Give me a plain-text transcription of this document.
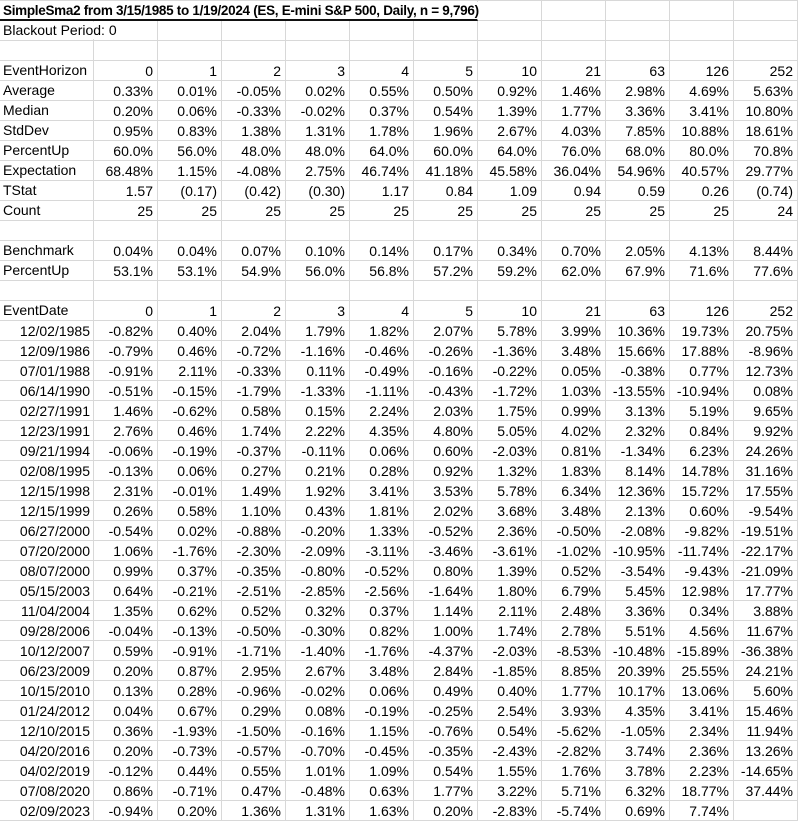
SimpleSma2 from 3/15/1985 to 1/19/2024 (ES, E-mini S&P 500, Daily, n = 9,796)
Blackout Period: 0
EventHorizon	0	1	2	3	4	5	10	21	63	126	252
Average	0.33%	0.01%	-0.05%	0.02%	0.55%	0.50%	0.92%	1.46%	2.98%	4.69%	5.63%
Median	0.20%	0.06%	-0.33%	-0.02%	0.37%	0.54%	1.39%	1.77%	3.36%	3.41%	10.80%
StdDev	0.95%	0.83%	1.38%	1.31%	1.78%	1.96%	2.67%	4.03%	7.85%	10.88%	18.61%
PercentUp	60.0%	56.0%	48.0%	48.0%	64.0%	60.0%	64.0%	76.0%	68.0%	80.0%	70.8%
Expectation	68.48%	1.15%	-4.08%	2.75%	46.74%	41.18%	45.58%	36.04%	54.96%	40.57%	29.77%
TStat	1.57	(0.17)	(0.42)	(0.30)	1.17	0.84	1.09	0.94	0.59	0.26	(0.74)
Count	25	25	25	25	25	25	25	25	25	25	24
Benchmark	0.04%	0.04%	0.07%	0.10%	0.14%	0.17%	0.34%	0.70%	2.05%	4.13%	8.44%
PercentUp	53.1%	53.1%	54.9%	56.0%	56.8%	57.2%	59.2%	62.0%	67.9%	71.6%	77.6%
EventDate	0	1	2	3	4	5	10	21	63	126	252
12/02/1985	-0.82%	0.40%	2.04%	1.79%	1.82%	2.07%	5.78%	3.99%	10.36%	19.73%	20.75%
12/09/1986	-0.79%	0.46%	-0.72%	-1.16%	-0.46%	-0.26%	-1.36%	3.48%	15.66%	17.88%	-8.96%
07/01/1988	-0.91%	2.11%	-0.33%	0.11%	-0.49%	-0.16%	-0.22%	0.05%	-0.38%	0.77%	12.73%
06/14/1990	-0.51%	-0.15%	-1.79%	-1.33%	-1.11%	-0.43%	-1.72%	1.03% -13.55% -10.94%	0.08%
02/27/1991	1.46%	-0.62%	0.58%	0.15%	2.24%	2.03%	1.75%	0.99%	3.13%	5.19%	9.65%
12/23/1991	2.76%	0.46%	1.74%	2.22%	4.35%	4.80%	5.05%	4.02%	2.32%	0.84%	9.92%
09/21/1994	-0.06%	-0.19%	-0.37%	-0.11%	0.06%	0.60%	-2.03%	0.81%	-1.34%	6.23%	24.26%
02/08/1995	-0.13%	0.06%	0.27%	0.21%	0.28%	0.92%	1.32%	1.83%	8.14%	14.78%	31.16%
12/15/1998	2.31%	-0.01%	1.49%	1.92%	3.41%	3.53%	5.78%	6.34%	12.36%	15.72%	17.55%
12/15/1999	0.26%	0.58%	1.10%	0.43%	1.81%	2.02%	3.68%	3.48%	2.13%	0.60%	-9.54%
06/27/2000	-0.54%	0.02%	-0.88%	-0.20%	1.33%	-0.52%	2.36%	-0.50%	-2.08%	-9.82% -19.51%
07/20/2000	1.06%	-1.76%	-2.30%	-2.09%	-3.11%	-3.46%	-3.61%	-1.02% -10.95% -11.74% -22.17%
08/07/2000	0.99%	0.37%	-0.35%	-0.80%	-0.52%	0.80%	1.39%	0.52%	-3.54%	-9.43% -21.09%
05/15/2003	0.64%	-0.21%	-2.51%	-2.85%	-2.56%	-1.64%	1.80%	6.79%	5.45%	12.98%	17.77%
11/04/2004	1.35%	0.62%	0.52%	0.32%	0.37%	1.14%	2.11%	2.48%	3.36%	0.34%	3.88%
09/28/2006	-0.04%	-0.13%	-0.50%	-0.30%	0.82%	1.00%	1.74%	2.78%	5.51%	4.56%	11.67%
10/12/2007	0.59%	-0.91%	-1.71%	-1.40%	-1.76%	-4.37%	-2.03%	-8.53% -10.48% -15.89% -36.38%
06/23/2009	0.20%	0.87%	2.95%	2.67%	3.48%	2.84%	-1.85%	8.85%	20.39%	25.55%	24.21%
10/15/2010	0.13%	0.28%	-0.96%	-0.02%	0.06%	0.49%	0.40%	1.77%	10.17%	13.06%	5.60%
01/24/2012	0.04%	0.67%	0.29%	0.08%	-0.19%	-0.25%	2.54%	3.93%	4.35%	3.41%	15.46%
12/10/2015	0.36%	-1.93%	-1.50%	-0.16%	1.15%	-0.76%	0.54%	-5.62%	-1.05%	2.34%	11.94%
04/20/2016	0.20%	-0.73%	-0.57%	-0.70%	-0.45%	-0.35%	-2.43%	-2.82%	3.74%	2.36%	13.26%
04/02/2019	-0.12%	0.44%	0.55%	1.01%	1.09%	0.54%	1.55%	1.76%	3.78%	2.23% -14.65%
07/08/2020	0.86%	-0.71%	0.47%	-0.48%	0.63%	1.77%	3.22%	5.71%	6.32%	18.77%	37.44%
02/09/2023	-0.94%	0.20%	1.36%	1.31%	1.63%	0.20%	-2.83%	-5.74%	0.69%	7.74%
